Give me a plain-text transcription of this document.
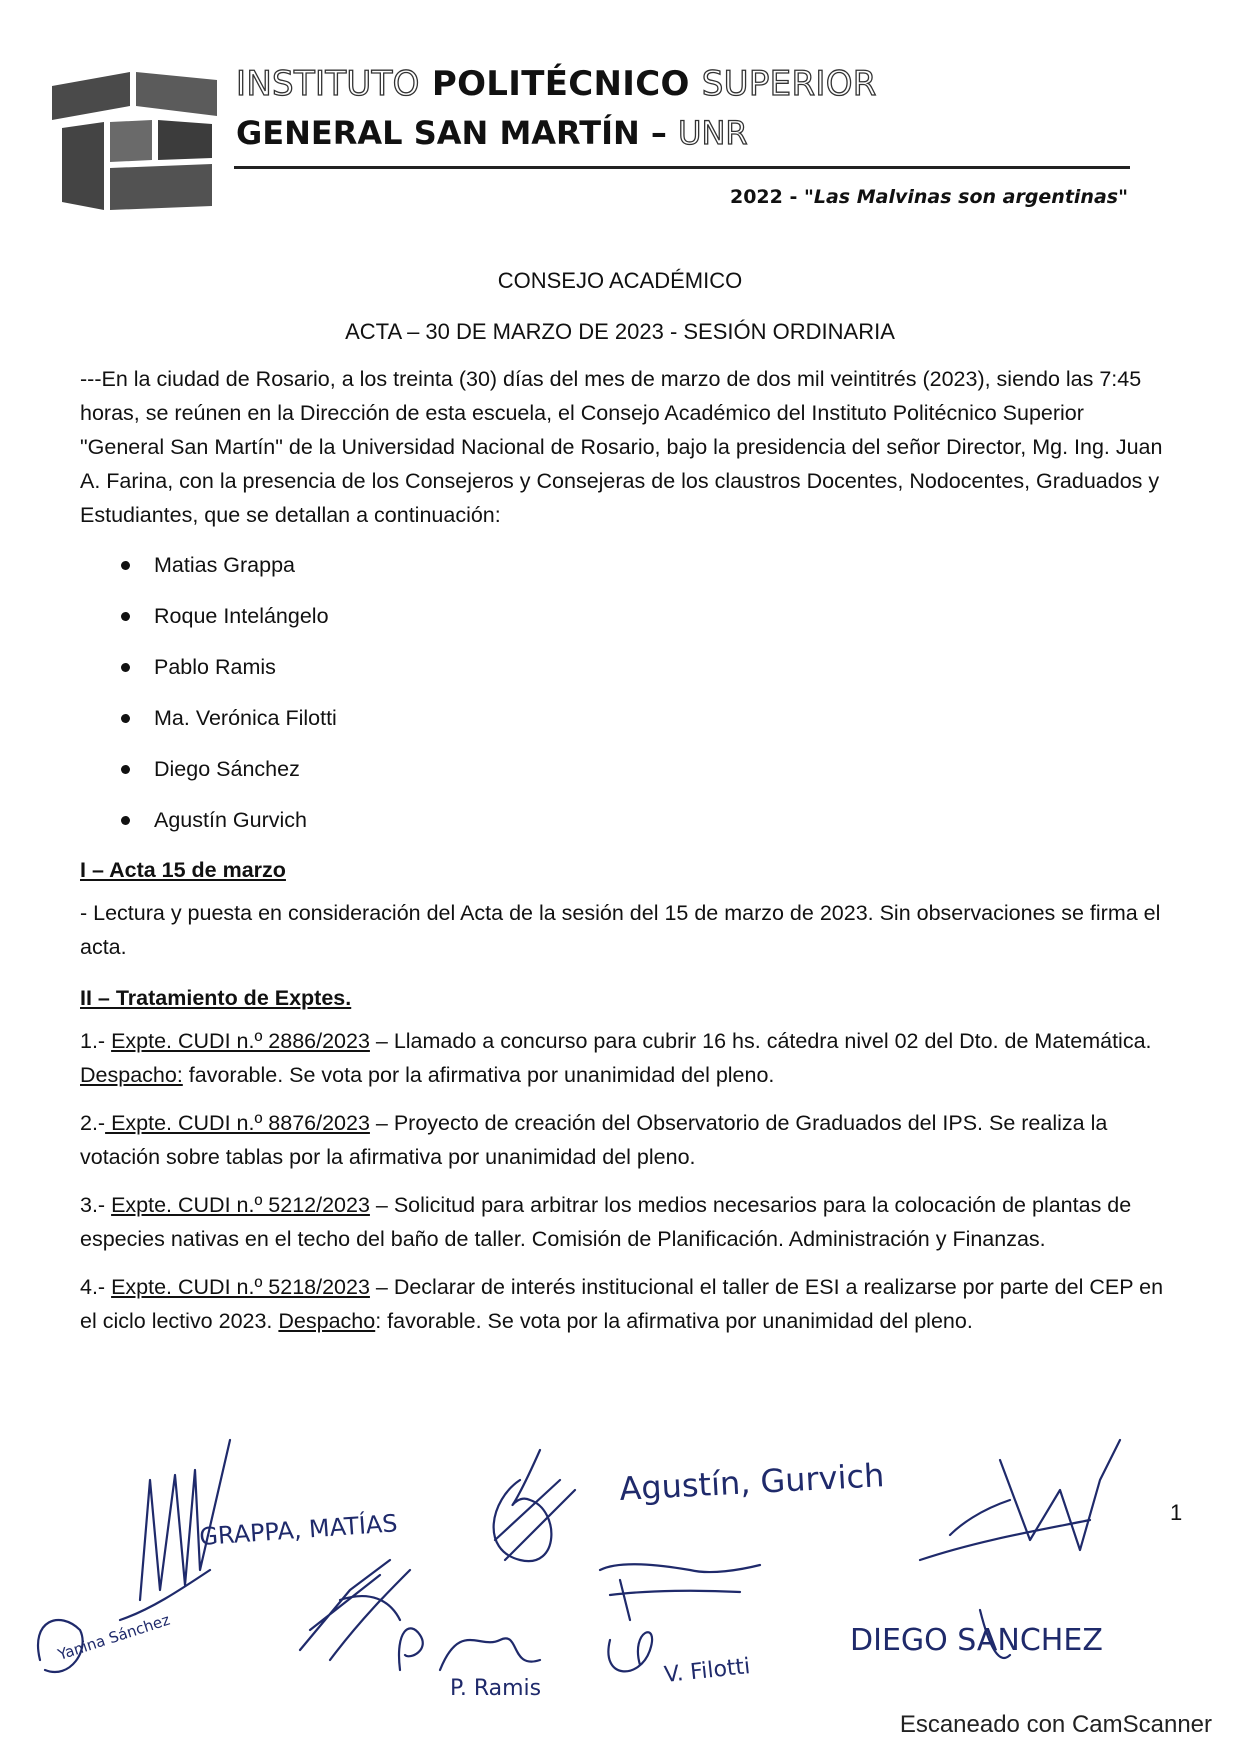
INSTITUTO POLITÉCNICO SUPERIOR
GENERAL SAN MARTÍN – UNR
2022 - "Las Malvinas son argentinas"
CONSEJO ACADÉMICO
ACTA – 30 DE MARZO DE 2023 - SESIÓN ORDINARIA

---En la ciudad de Rosario, a los treinta (30) días del mes de marzo de dos mil veintitrés (2023), siendo las 7:45 horas, se reúnen en la Dirección de esta escuela, el Consejo Académico del Instituto Politécnico Superior "General San Martín" de la Universidad Nacional de Rosario, bajo la presidencia del señor Director, Mg. Ing. Juan A. Farina, con la presencia de los Consejeros y Consejeras de los claustros Docentes, Nodocentes, Graduados y Estudiantes, que se detallan a continuación:

Matias Grappa
Roque Intelángelo
Pablo Ramis
Ma. Verónica Filotti
Diego Sánchez
Agustín Gurvich
I – Acta 15 de marzo

- Lectura y puesta en consideración del Acta de la sesión del 15 de marzo de 2023. Sin observaciones se firma el acta.

II – Tratamiento de Exptes.

1.- Expte. CUDI n.º 2886/2023 – Llamado a concurso para cubrir 16 hs. cátedra nivel 02 del Dto. de Matemática. Despacho: favorable. Se vota por la afirmativa por unanimidad del pleno.

2.- Expte. CUDI n.º 8876/2023 – Proyecto de creación del Observatorio de Graduados del IPS. Se realiza la votación sobre tablas por la afirmativa por unanimidad del pleno.

3.- Expte. CUDI n.º 5212/2023 – Solicitud para arbitrar los medios necesarios para la colocación de plantas de especies nativas en el techo del baño de taller. Comisión de Planificación. Administración y Finanzas.

4.- Expte. CUDI n.º 5218/2023 – Declarar de interés institucional el taller de ESI a realizarse por parte del CEP en el ciclo lectivo 2023. Despacho: favorable. Se vota por la afirmativa por unanimidad del pleno.

GRAPPA, MATÍAS
Agustín, Gurvich
Yanina Sánchez
P. Ramis
V. Filotti
DIEGO SANCHEZ
1
Escaneado con CamScanner
